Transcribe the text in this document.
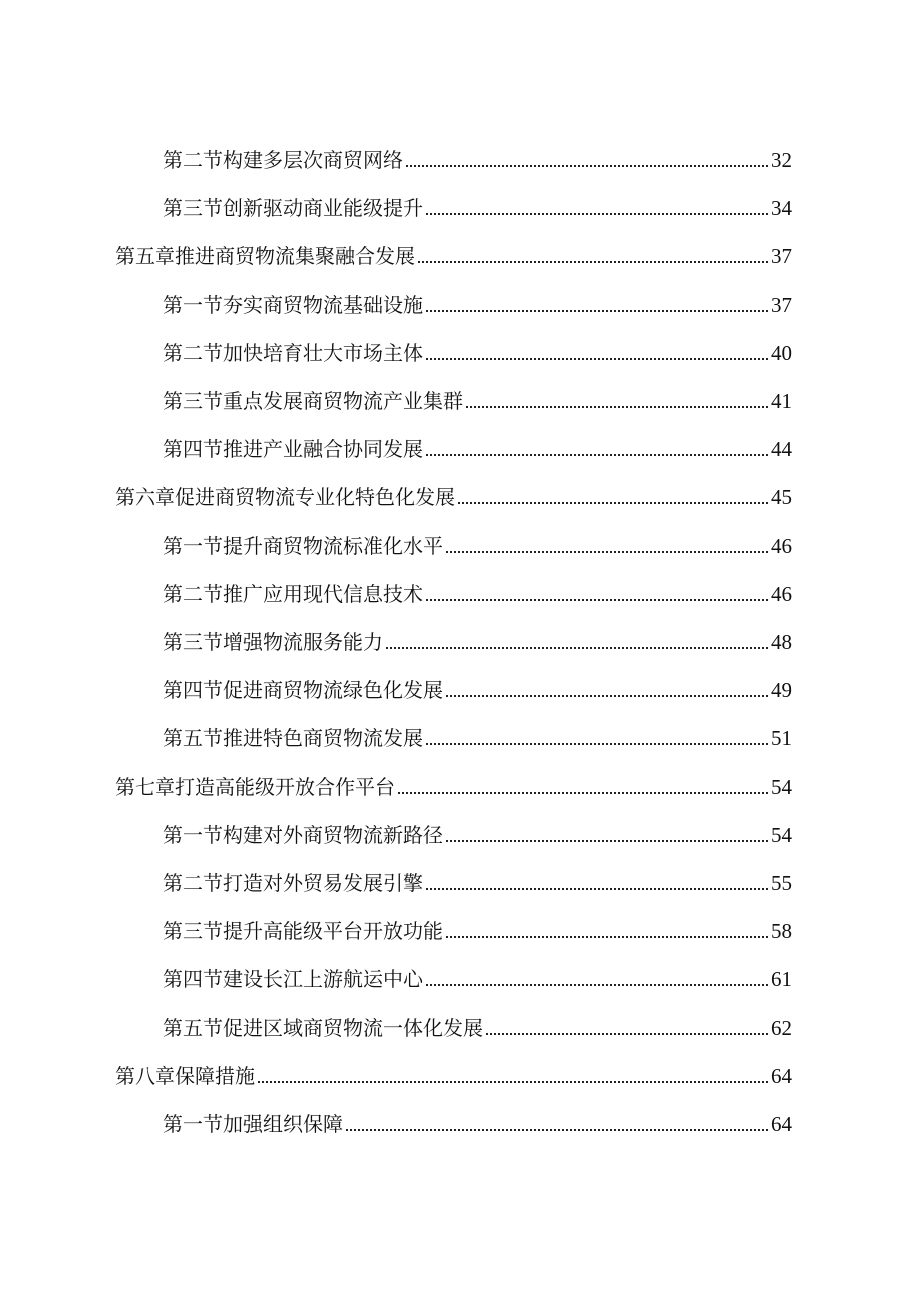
第二节构建多层次商贸网络	32
第三节创新驱动商业能级提升	34
第五章推进商贸物流集聚融合发展	37
第一节夯实商贸物流基础设施	37
第二节加快培育壮大市场主体	40
第三节重点发展商贸物流产业集群	41
第四节推进产业融合协同发展	44
第六章促进商贸物流专业化特色化发展	45
第一节提升商贸物流标准化水平	46
第二节推广应用现代信息技术	46
第三节增强物流服务能力	48
第四节促进商贸物流绿色化发展	49
第五节推进特色商贸物流发展	51
第七章打造高能级开放合作平台	54
第一节构建对外商贸物流新路径	54
第二节打造对外贸易发展引擎	55
第三节提升高能级平台开放功能	58
第四节建设长江上游航运中心	61
第五节促进区域商贸物流一体化发展	62
第八章保障措施	64
第一节加强组织保障	64
